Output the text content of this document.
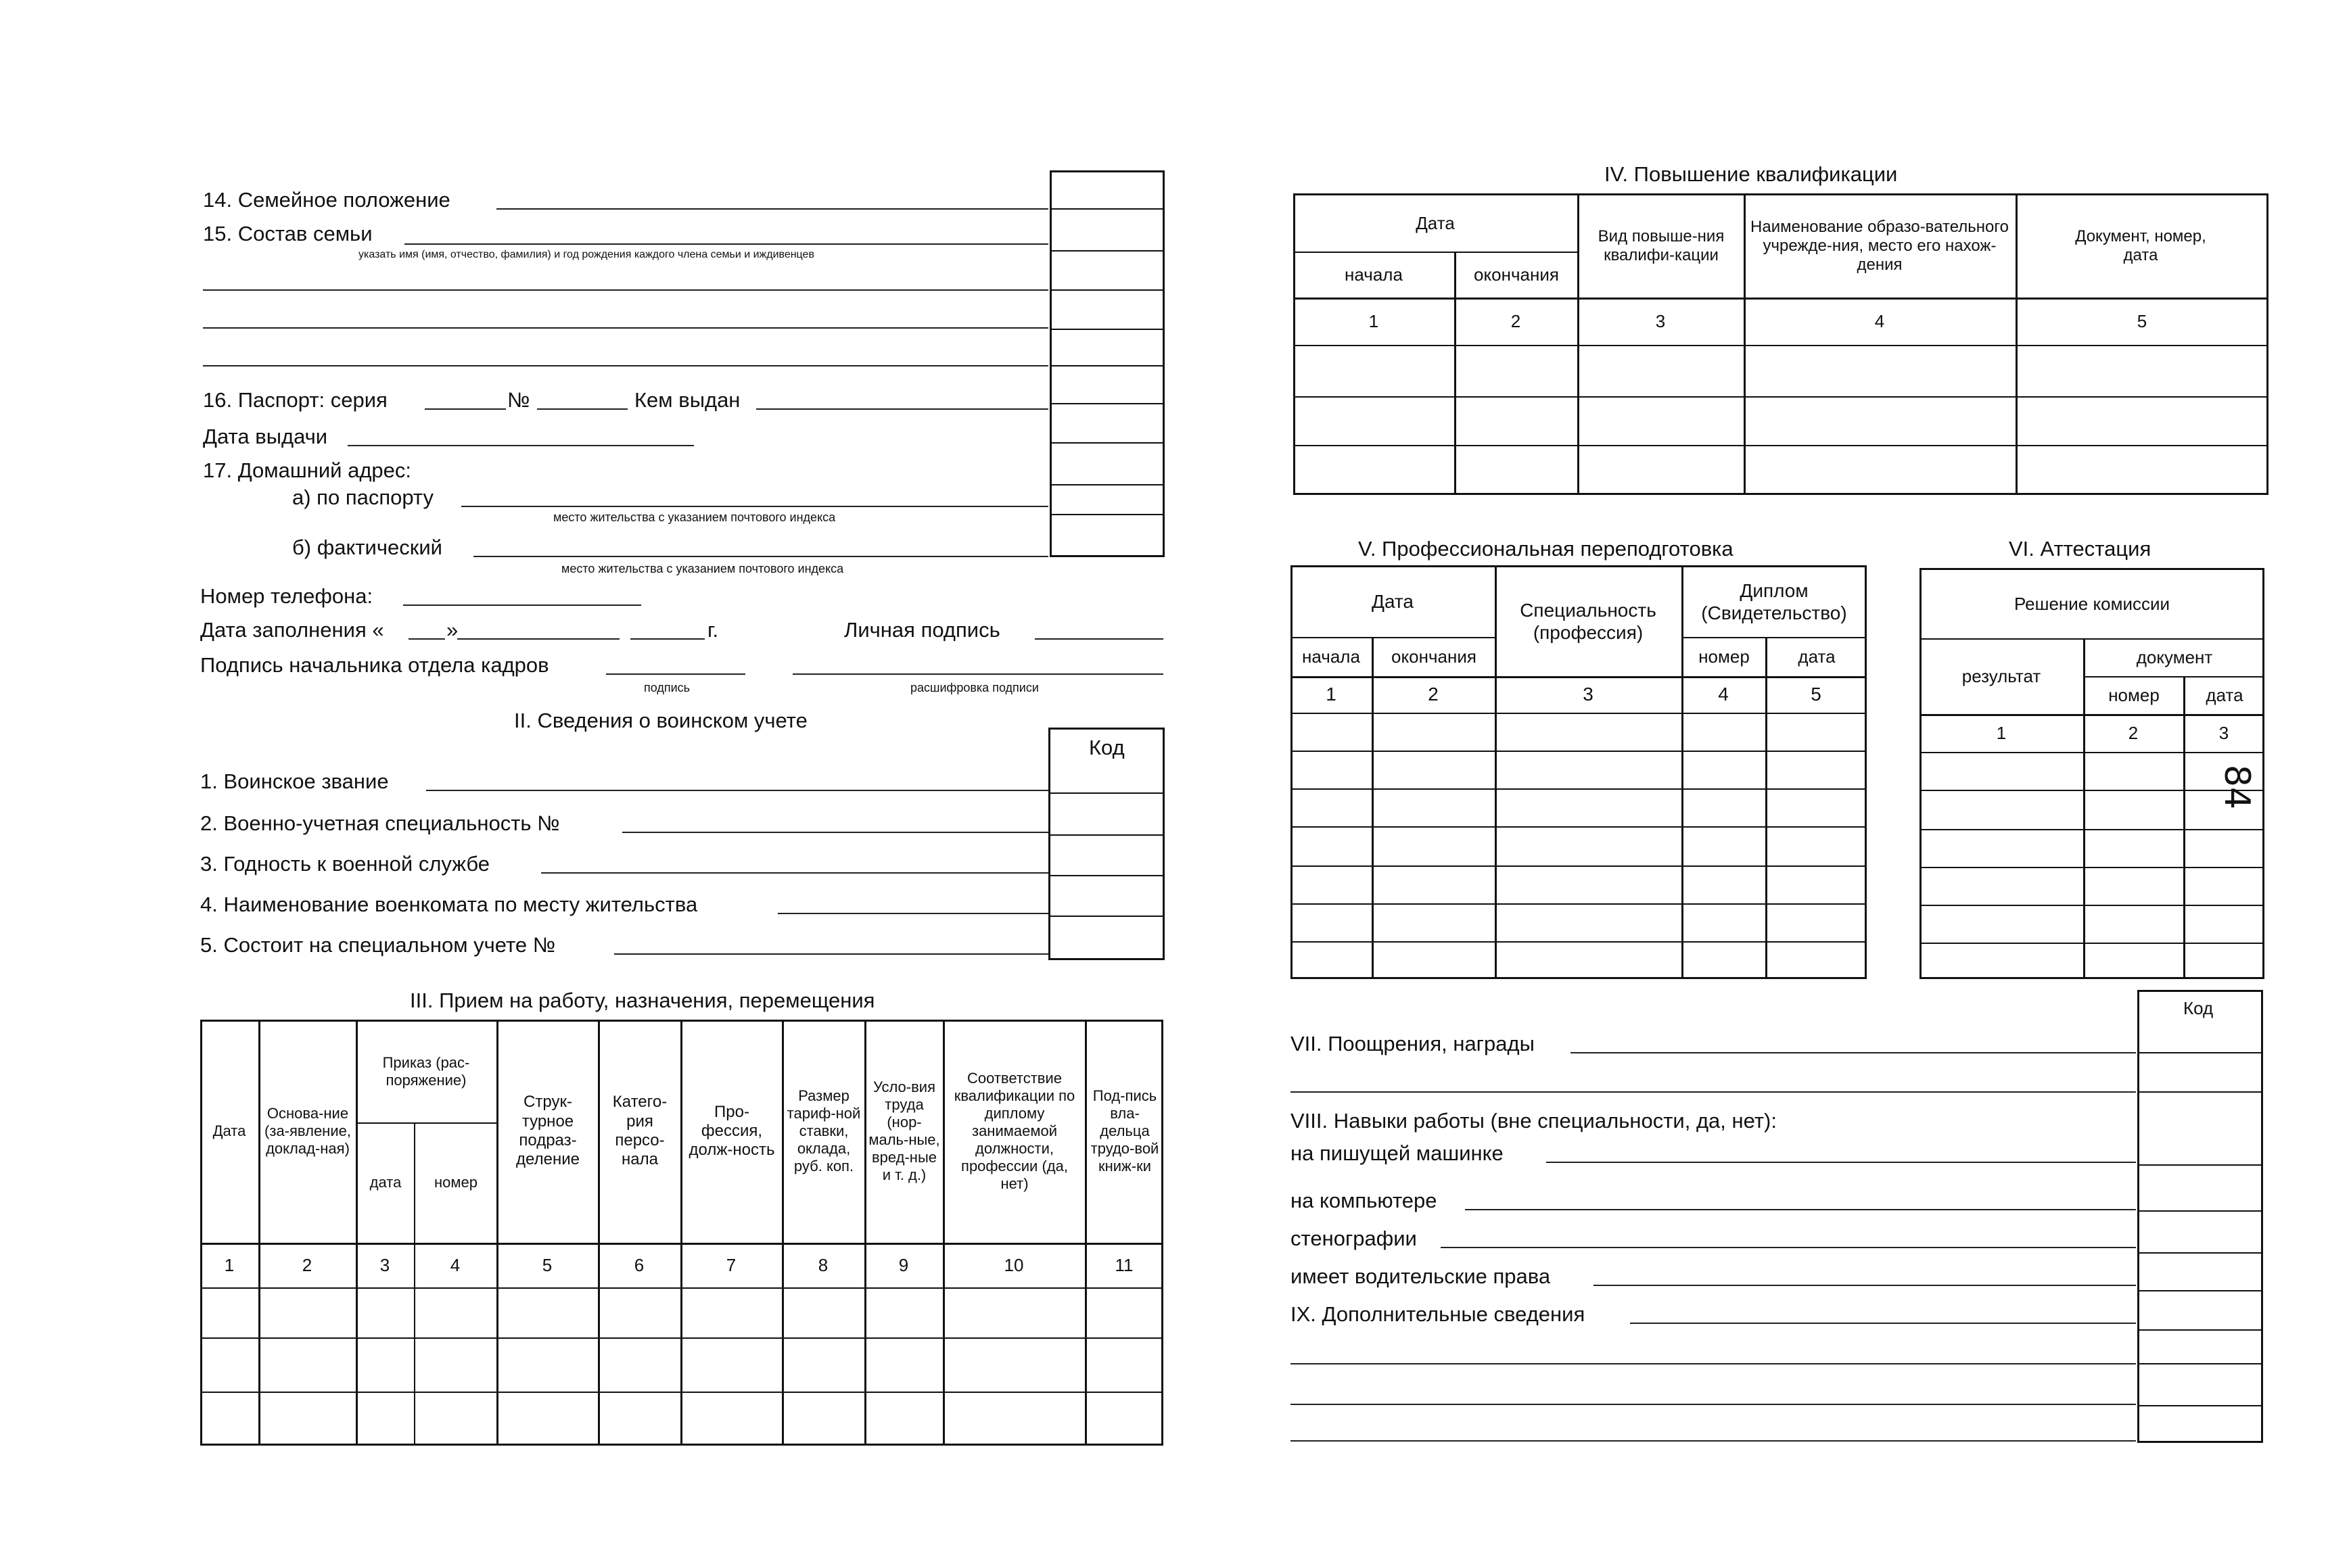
14. Семейное положение
15. Состав семьи
указать имя (имя, отчество, фамилия) и год рождения каждого члена семьи и иждивенцев
16. Паспорт: серия	№	Кем выдан
Дата выдачи
17. Домашний адрес:
а) по паспорту
место жительства с указанием почтового индекса
б) фактический
место жительства с указанием почтового индекса
Номер телефона:
Дата заполнения «	»	г.	Личная подпись
Подпись начальника отдела кадров
подпись	расшифровка подписи
II. Сведения о воинском учете
Код
1. Воинское звание
2. Военно-учетная специальность №
3. Годность к военной службе
4. Наименование военкомата по месту жительства
5. Состоит на специальном учете №
III. Прием на работу, назначения, перемещения
Дата
Основа-ние (за-явление, доклад-ная)
Приказ (рас-поряжение)
дата	номер
Струк-турное подраз-деление
Катего-рия персо-нала
Про-фессия, долж-ность
Размер тариф-ной ставки, оклада, руб. коп.
Усло-вия труда (нор-маль-ные, вред-ные и т. д.)
Соответствие квалификации по диплому занимаемой должности, профессии (да, нет)
Под-пись вла-дельца трудо-вой книж-ки
1	2	3	4	5	6	7	8	9	10	11
IV. Повышение квалификации
Дата
начала	окончания
Вид повыше-ния квалифи-кации
Наименование образо-вательного учрежде-ния, место его нахож-дения
Документ, номер, дата
1	2	3	4	5
V. Профессиональная переподготовка
Дата
начала	окончания
Специальность (профессия)
Диплом (Свидетельство)
номер	дата
1	2	3	4	5
VI. Аттестация
Решение комиссии
результат
документ
номер	дата
1	2	3
84
Код
VII. Поощрения, награды
VIII. Навыки работы (вне специальности, да, нет):
на пишущей машинке
на компьютере
стенографии
имеет водительские права
IX. Дополнительные сведения
